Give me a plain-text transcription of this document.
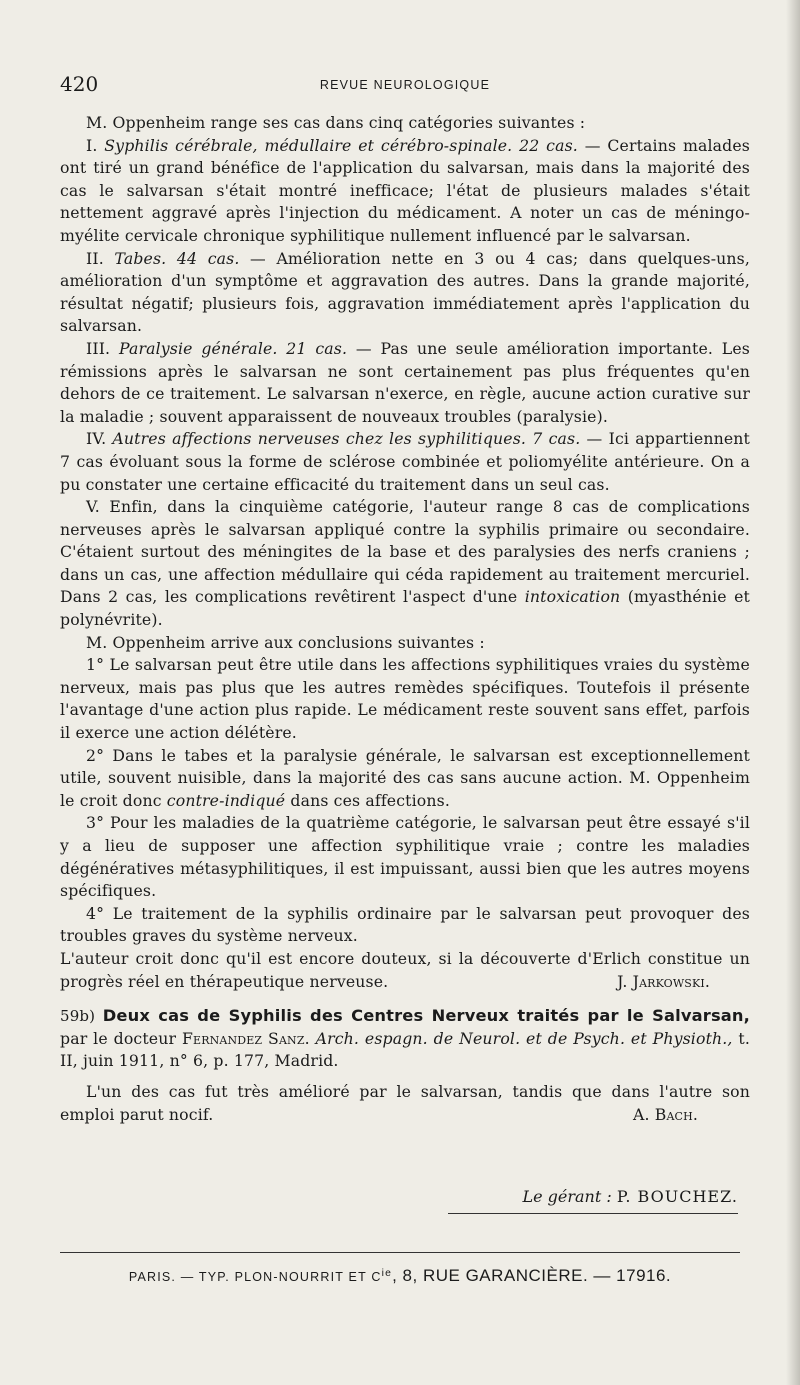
420	REVUE NEUROLOGIQUE

M. Oppenheim range ses cas dans cinq catégories suivantes :

I. Syphilis cérébrale, médullaire et cérébro-spinale. 22 cas. — Certains malades ont tiré un grand bénéfice de l'application du salvarsan, mais dans la majorité des cas le salvarsan s'était montré inefficace; l'état de plusieurs malades s'était nettement aggravé après l'injection du médicament. A noter un cas de méningo-myélite cervicale chronique syphilitique nullement influencé par le salvarsan.

II. Tabes. 44 cas. — Amélioration nette en 3 ou 4 cas; dans quelques-uns, amélioration d'un symptôme et aggravation des autres. Dans la grande majorité, résultat négatif; plusieurs fois, aggravation immédiatement après l'application du salvarsan.

III. Paralysie générale. 21 cas. — Pas une seule amélioration importante. Les rémissions après le salvarsan ne sont certainement pas plus fréquentes qu'en dehors de ce traitement. Le salvarsan n'exerce, en règle, aucune action curative sur la maladie ; souvent apparaissent de nouveaux troubles (paralysie).

IV. Autres affections nerveuses chez les syphilitiques. 7 cas. — Ici appartiennent 7 cas évoluant sous la forme de sclérose combinée et poliomyélite antérieure. On a pu constater une certaine efficacité du traitement dans un seul cas.

V. Enfin, dans la cinquième catégorie, l'auteur range 8 cas de complications nerveuses après le salvarsan appliqué contre la syphilis primaire ou secondaire. C'étaient surtout des méningites de la base et des paralysies des nerfs craniens ; dans un cas, une affection médullaire qui céda rapidement au traitement mercuriel. Dans 2 cas, les complications revêtirent l'aspect d'une intoxication (myasthénie et polynévrite).

M. Oppenheim arrive aux conclusions suivantes :

1° Le salvarsan peut être utile dans les affections syphilitiques vraies du système nerveux, mais pas plus que les autres remèdes spécifiques. Toutefois il présente l'avantage d'une action plus rapide. Le médicament reste souvent sans effet, parfois il exerce une action délétère.

2° Dans le tabes et la paralysie générale, le salvarsan est exceptionnellement utile, souvent nuisible, dans la majorité des cas sans aucune action. M. Oppenheim le croit donc contre-indiqué dans ces affections.

3° Pour les maladies de la quatrième catégorie, le salvarsan peut être essayé s'il y a lieu de supposer une affection syphilitique vraie ; contre les maladies dégénératives métasyphilitiques, il est impuissant, aussi bien que les autres moyens spécifiques.

4° Le traitement de la syphilis ordinaire par le salvarsan peut provoquer des troubles graves du système nerveux.

L'auteur croit donc qu'il est encore douteux, si la découverte d'Erlich constitue un progrès réel en thérapeutique nerveuse.	J. Jarkowski.

59b) Deux cas de Syphilis des Centres Nerveux traités par le Salvarsan, par le docteur Fernandez Sanz. Arch. espagn. de Neurol. et de Psych. et Physioth., t. II, juin 1911, n° 6, p. 177, Madrid.

L'un des cas fut très amélioré par le salvarsan, tandis que dans l'autre son emploi parut nocif.	A. Bach.

Le gérant : P. BOUCHEZ.
PARIS. — TYP. PLON-NOURRIT ET $C^{ie}$, 8, RUE GARANCIÈRE. — 17916.
